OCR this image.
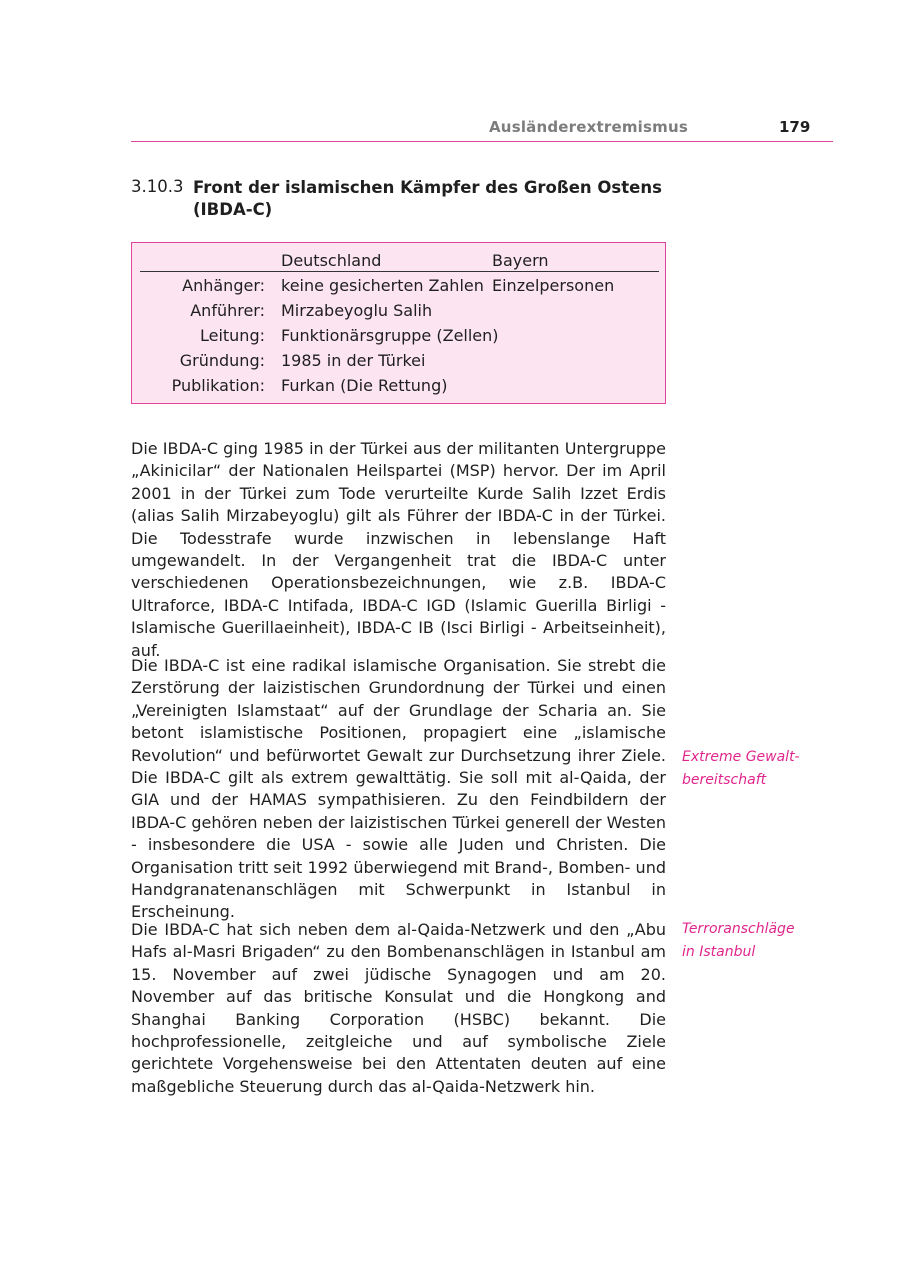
Ausländerextremismus	179
3.10.3 Front der islamischen Kämpfer des Großen Ostens (IBDA-C)
Deutschland	Bayern
Anhänger: keine gesicherten Zahlen Einzelpersonen
Anführer: Mirzabeyoglu Salih
Leitung: Funktionärsgruppe (Zellen)
Gründung: 1985 in der Türkei
Publikation: Furkan (Die Rettung)

Die IBDA-C ging 1985 in der Türkei aus der militanten Untergruppe „Akinicilar“ der Nationalen Heilspartei (MSP) hervor. Der im April 2001 in der Türkei zum Tode verurteilte Kurde Salih Izzet Erdis (alias Salih Mirzabeyoglu) gilt als Führer der IBDA-C in der Türkei. Die Todesstrafe wurde inzwischen in lebenslange Haft umgewandelt. In der Vergangenheit trat die IBDA-C unter verschiedenen Operationsbezeichnungen, wie z.B. IBDA-C Ultraforce, IBDA-C Intifada, IBDA-C IGD (Islamic Guerilla Birligi - Islamische Guerillaeinheit), IBDA-C IB (Isci Birligi - Arbeitseinheit), auf.

Die IBDA-C ist eine radikal islamische Organisation. Sie strebt die Zerstörung der laizistischen Grundordnung der Türkei und einen „Vereinigten Islamstaat“ auf der Grundlage der Scharia an. Sie betont islamistische Positionen, propagiert eine „islamische Revolution“ und befürwortet Gewalt zur Durchsetzung ihrer Ziele. Die IBDA-C gilt als extrem gewalttätig. Sie soll mit al-Qaida, der GIA und der HAMAS sympathisieren. Zu den Feindbildern der IBDA-C gehören neben der laizistischen Türkei generell der Westen - insbesondere die USA - sowie alle Juden und Christen. Die Organisation tritt seit 1992 überwiegend mit Brand-, Bomben- und Handgranatenanschlägen mit Schwerpunkt in Istanbul in Erscheinung.

Die IBDA-C hat sich neben dem al-Qaida-Netzwerk und den „Abu Hafs al-Masri Brigaden“ zu den Bombenanschlägen in Istanbul am 15. November auf zwei jüdische Synagogen und am 20. November auf das britische Konsulat und die Hongkong and Shanghai Banking Corporation (HSBC) bekannt. Die hochprofessionelle, zeitgleiche und auf symbolische Ziele gerichtete Vorgehensweise bei den Attentaten deuten auf eine maßgebliche Steuerung durch das al-Qaida-Netzwerk hin.

Extreme Gewalt-
bereitschaft
Terroranschläge
in Istanbul
